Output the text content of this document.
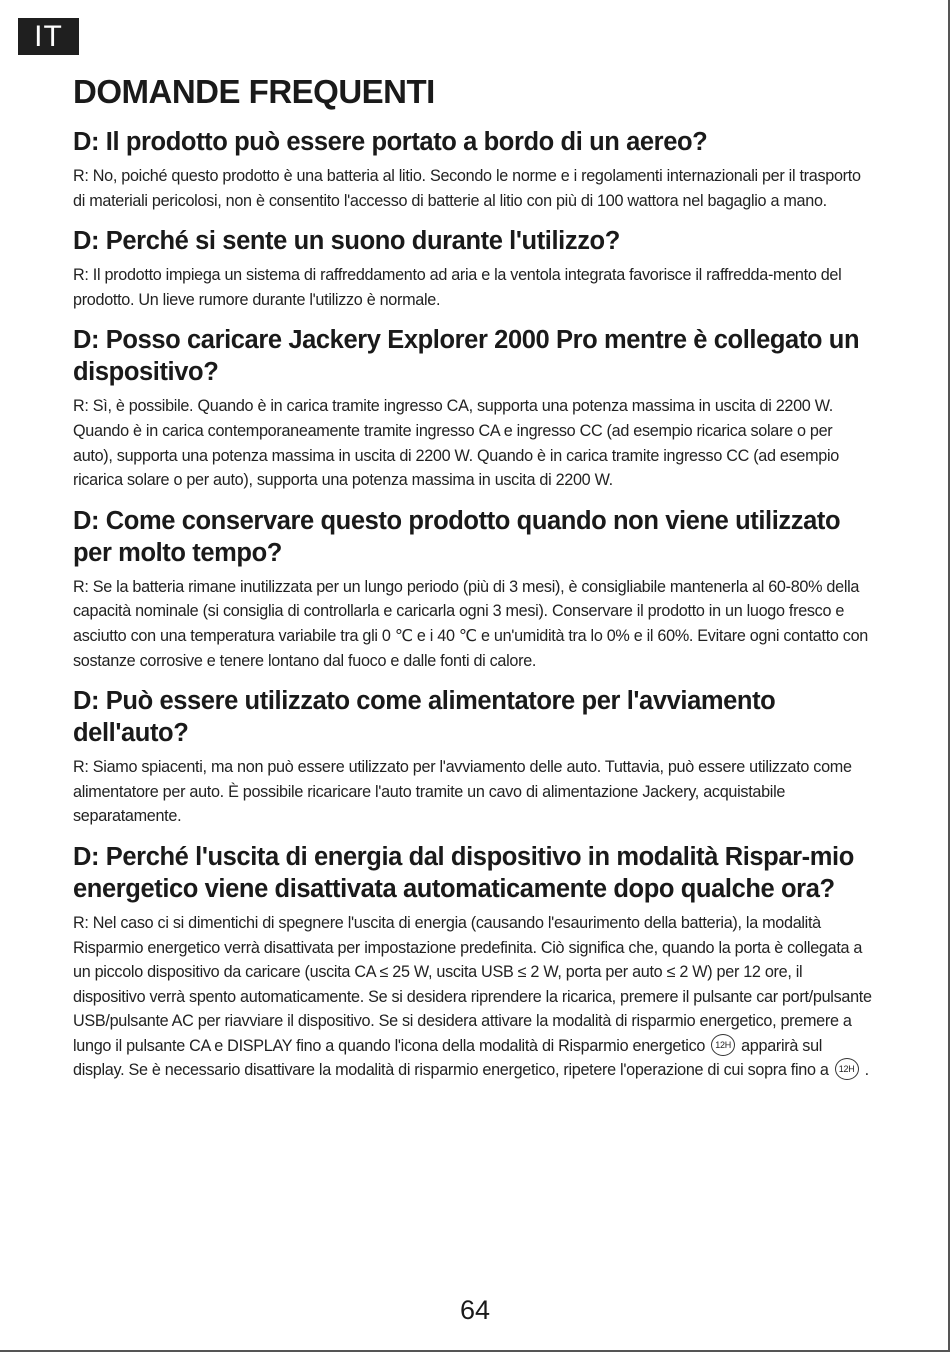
IT
DOMANDE FREQUENTI
D: Il prodotto può essere portato a bordo di un aereo?

R: No, poiché questo prodotto è una batteria al litio. Secondo le norme e i regolamenti internazionali per il trasporto di materiali pericolosi, non è consentito l'accesso di batterie al litio con più di 100 wattora nel bagaglio a mano.

D: Perché si sente un suono durante l'utilizzo?

R: Il prodotto impiega un sistema di raffreddamento ad aria e la ventola integrata favorisce il raffredda-mento del prodotto. Un lieve rumore durante l'utilizzo è normale.

D: Posso caricare Jackery Explorer 2000 Pro mentre è collegato un dispositivo?

R: Sì, è possibile. Quando è in carica tramite ingresso CA, supporta una potenza massima in uscita di 2200 W. Quando è in carica contemporaneamente tramite ingresso CA e ingresso CC (ad esempio ricarica solare o per auto), supporta una potenza massima in uscita di 2200 W. Quando è in carica tramite ingresso CC (ad esempio ricarica solare o per auto), supporta una potenza massima in uscita di 2200 W.

D: Come conservare questo prodotto quando non viene utilizzato per molto tempo?

R: Se la batteria rimane inutilizzata per un lungo periodo (più di 3 mesi), è consigliabile mantenerla al 60-80% della capacità nominale (si consiglia di controllarla e caricarla ogni 3 mesi). Conservare il prodotto in un luogo fresco e asciutto con una temperatura variabile tra gli 0 ℃ e i 40 ℃ e un'umidità tra lo 0% e il 60%. Evitare ogni contatto con sostanze corrosive e tenere lontano dal fuoco e dalle fonti di calore.

D: Può essere utilizzato come alimentatore per l'avviamento dell'auto?

R: Siamo spiacenti, ma non può essere utilizzato per l'avviamento delle auto. Tuttavia, può essere utilizzato come alimentatore per auto. È possibile ricaricare l'auto tramite un cavo di alimentazione Jackery, acquistabile separatamente.

D: Perché l'uscita di energia dal dispositivo in modalità Rispar-mio energetico viene disattivata automaticamente dopo qualche ora?

R: Nel caso ci si dimentichi di spegnere l'uscita di energia (causando l'esaurimento della batteria), la modalità Risparmio energetico verrà disattivata per impostazione predefinita. Ciò significa che, quando la porta è collegata a un piccolo dispositivo da caricare (uscita CA ≤ 25 W, uscita USB ≤ 2 W, porta per auto ≤ 2 W) per 12 ore, il dispositivo verrà spento automaticamente. Se si desidera riprendere la ricarica, premere il pulsante car port/pulsante USB/pulsante AC per riavviare il dispositivo. Se si desidera attivare la modalità di risparmio energetico, premere a lungo il pulsante CA e DISPLAY fino a quando l'icona della modalità di Risparmio energetico 12H apparirà sul display. Se è necessario disattivare la modalità di risparmio energetico, ripetere l'operazione di cui sopra fino a 12H .

64
